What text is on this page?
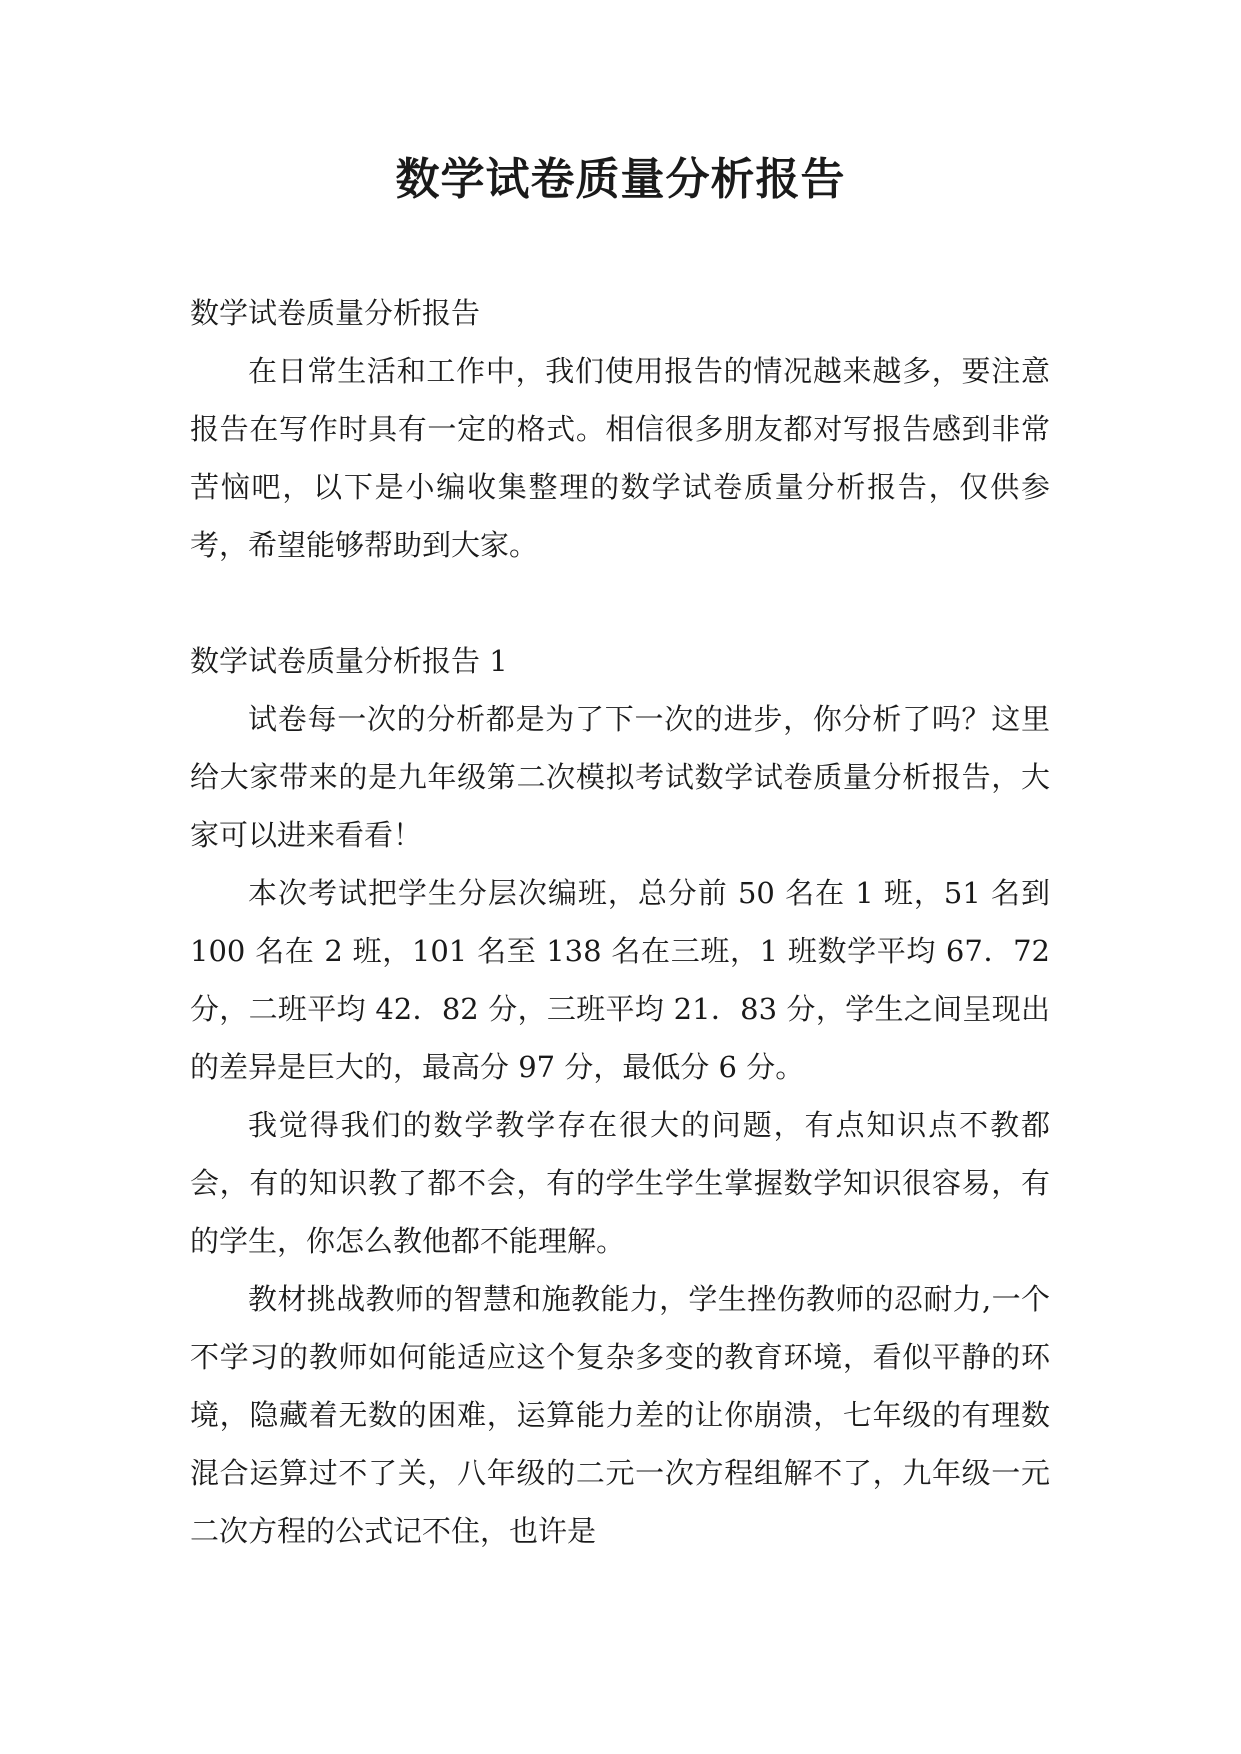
数学试卷质量分析报告

数学试卷质量分析报告

在日常生活和工作中，我们使用报告的情况越来越多，要注意报告在写作时具有一定的格式。相信很多朋友都对写报告感到非常苦恼吧，以下是小编收集整理的数学试卷质量分析报告，仅供参考，希望能够帮助到大家。

数学试卷质量分析报告 1

试卷每一次的分析都是为了下一次的进步，你分析了吗？这里给大家带来的是九年级第二次模拟考试数学试卷质量分析报告，大家可以进来看看！

本次考试把学生分层次编班，总分前 50 名在 1 班，51 名到 100 名在 2 班，101 名至 138 名在三班，1 班数学平均 67．72 分，二班平均 42．82 分，三班平均 21．83 分，学生之间呈现出的差异是巨大的，最高分 97 分，最低分 6 分。

我觉得我们的数学教学存在很大的问题，有点知识点不教都会，有的知识教了都不会，有的学生学生掌握数学知识很容易，有的学生，你怎么教他都不能理解。

教材挑战教师的智慧和施教能力，学生挫伤教师的忍耐力,一个不学习的教师如何能适应这个复杂多变的教育环境，看似平静的环境，隐藏着无数的困难，运算能力差的让你崩溃，七年级的有理数混合运算过不了关，八年级的二元一次方程组解不了，九年级一元二次方程的公式记不住，也许是
